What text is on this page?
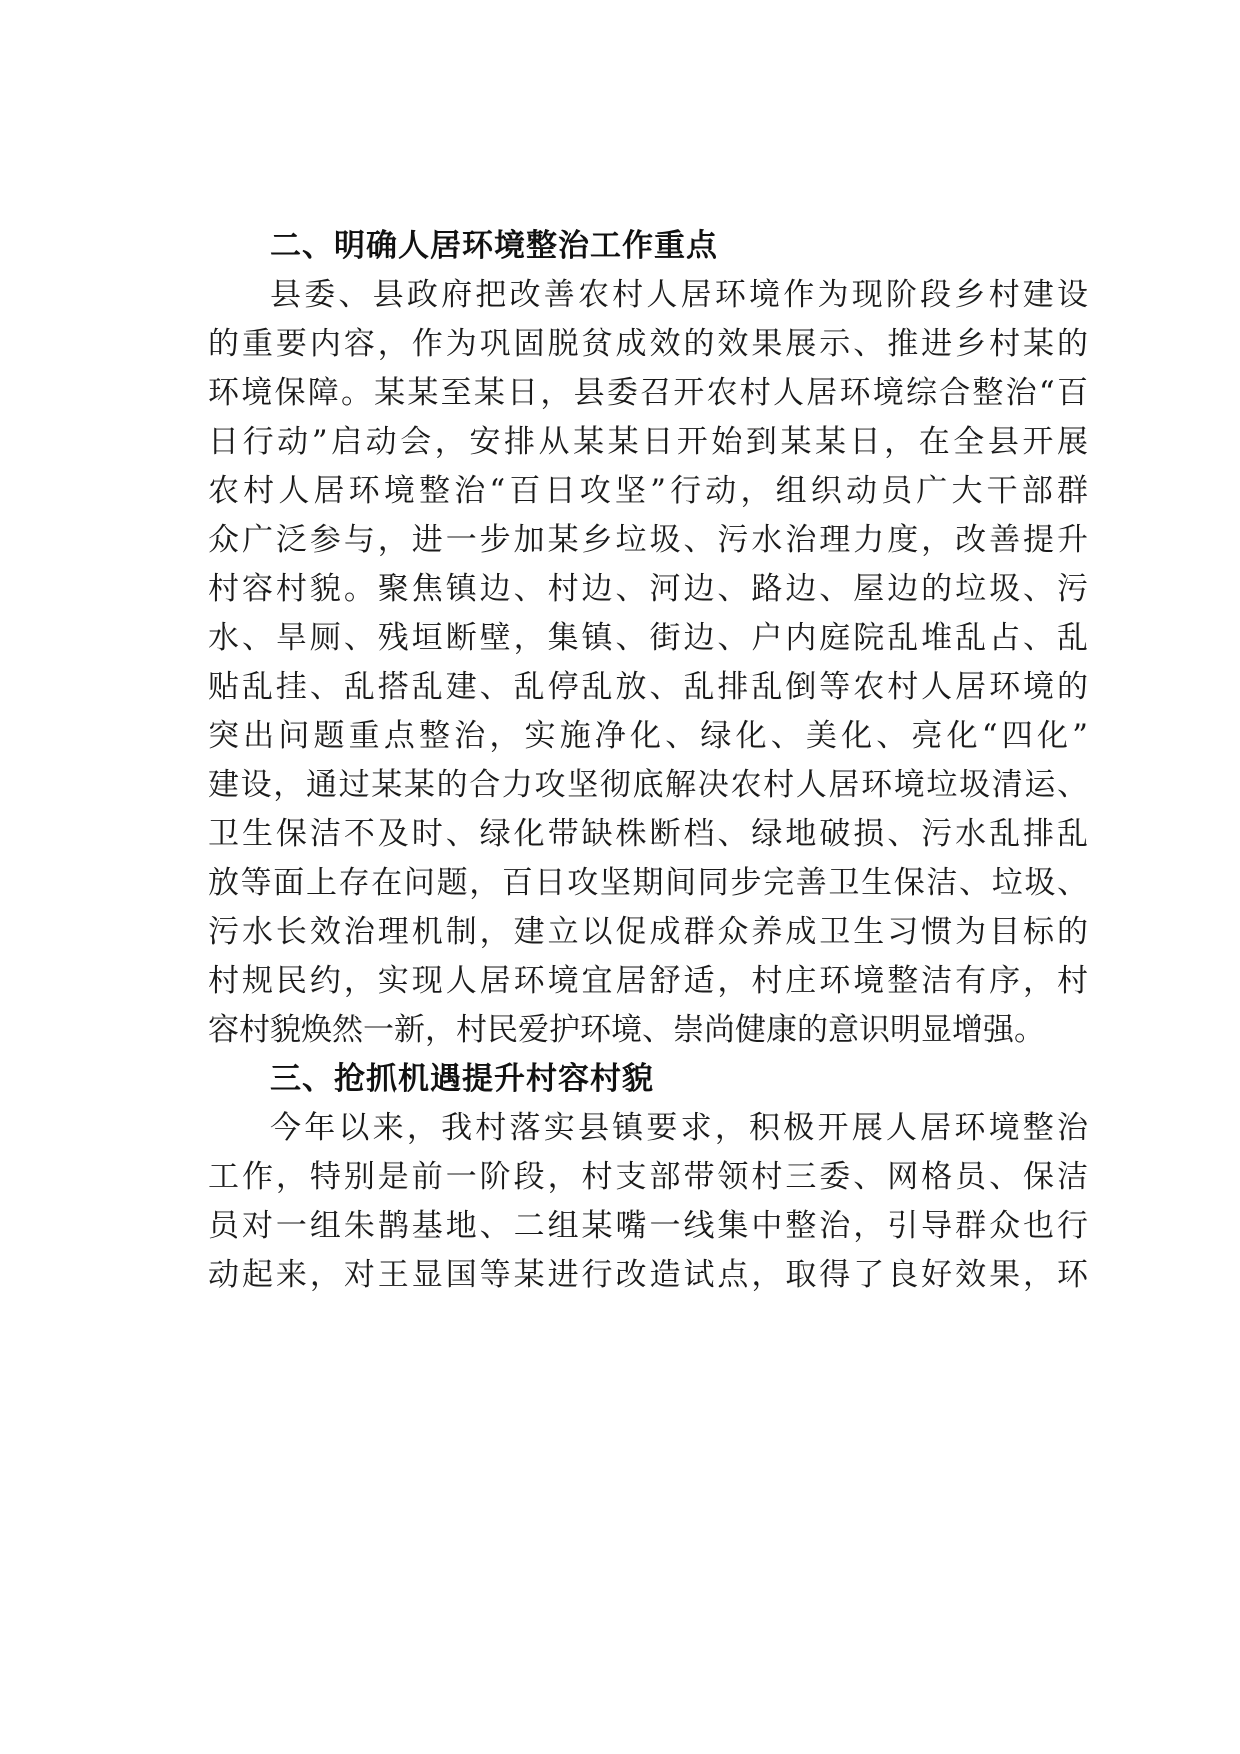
二、明确人居环境整治工作重点
县委、县政府把改善农村人居环境作为现阶段乡村建设
的重要内容，作为巩固脱贫成效的效果展示、推进乡村某的
环境保障。某某至某日，县委召开农村人居环境综合整治“百
日行动”启动会，安排从某某日开始到某某日，在全县开展
农村人居环境整治“百日攻坚”行动，组织动员广大干部群
众广泛参与，进一步加某乡垃圾、污水治理力度，改善提升
村容村貌。聚焦镇边、村边、河边、路边、屋边的垃圾、污
水、旱厕、残垣断壁，集镇、街边、户内庭院乱堆乱占、乱
贴乱挂、乱搭乱建、乱停乱放、乱排乱倒等农村人居环境的
突出问题重点整治，实施净化、绿化、美化、亮化“四化”
建设，通过某某的合力攻坚彻底解决农村人居环境垃圾清运、
卫生保洁不及时、绿化带缺株断档、绿地破损、污水乱排乱
放等面上存在问题，百日攻坚期间同步完善卫生保洁、垃圾、
污水长效治理机制，建立以促成群众养成卫生习惯为目标的
村规民约，实现人居环境宜居舒适，村庄环境整洁有序，村
容村貌焕然一新，村民爱护环境、崇尚健康的意识明显增强。
三、抢抓机遇提升村容村貌
今年以来，我村落实县镇要求，积极开展人居环境整治
工作，特别是前一阶段，村支部带领村三委、网格员、保洁
员对一组朱鹊基地、二组某嘴一线集中整治，引导群众也行
动起来，对王显国等某进行改造试点，取得了良好效果，环
